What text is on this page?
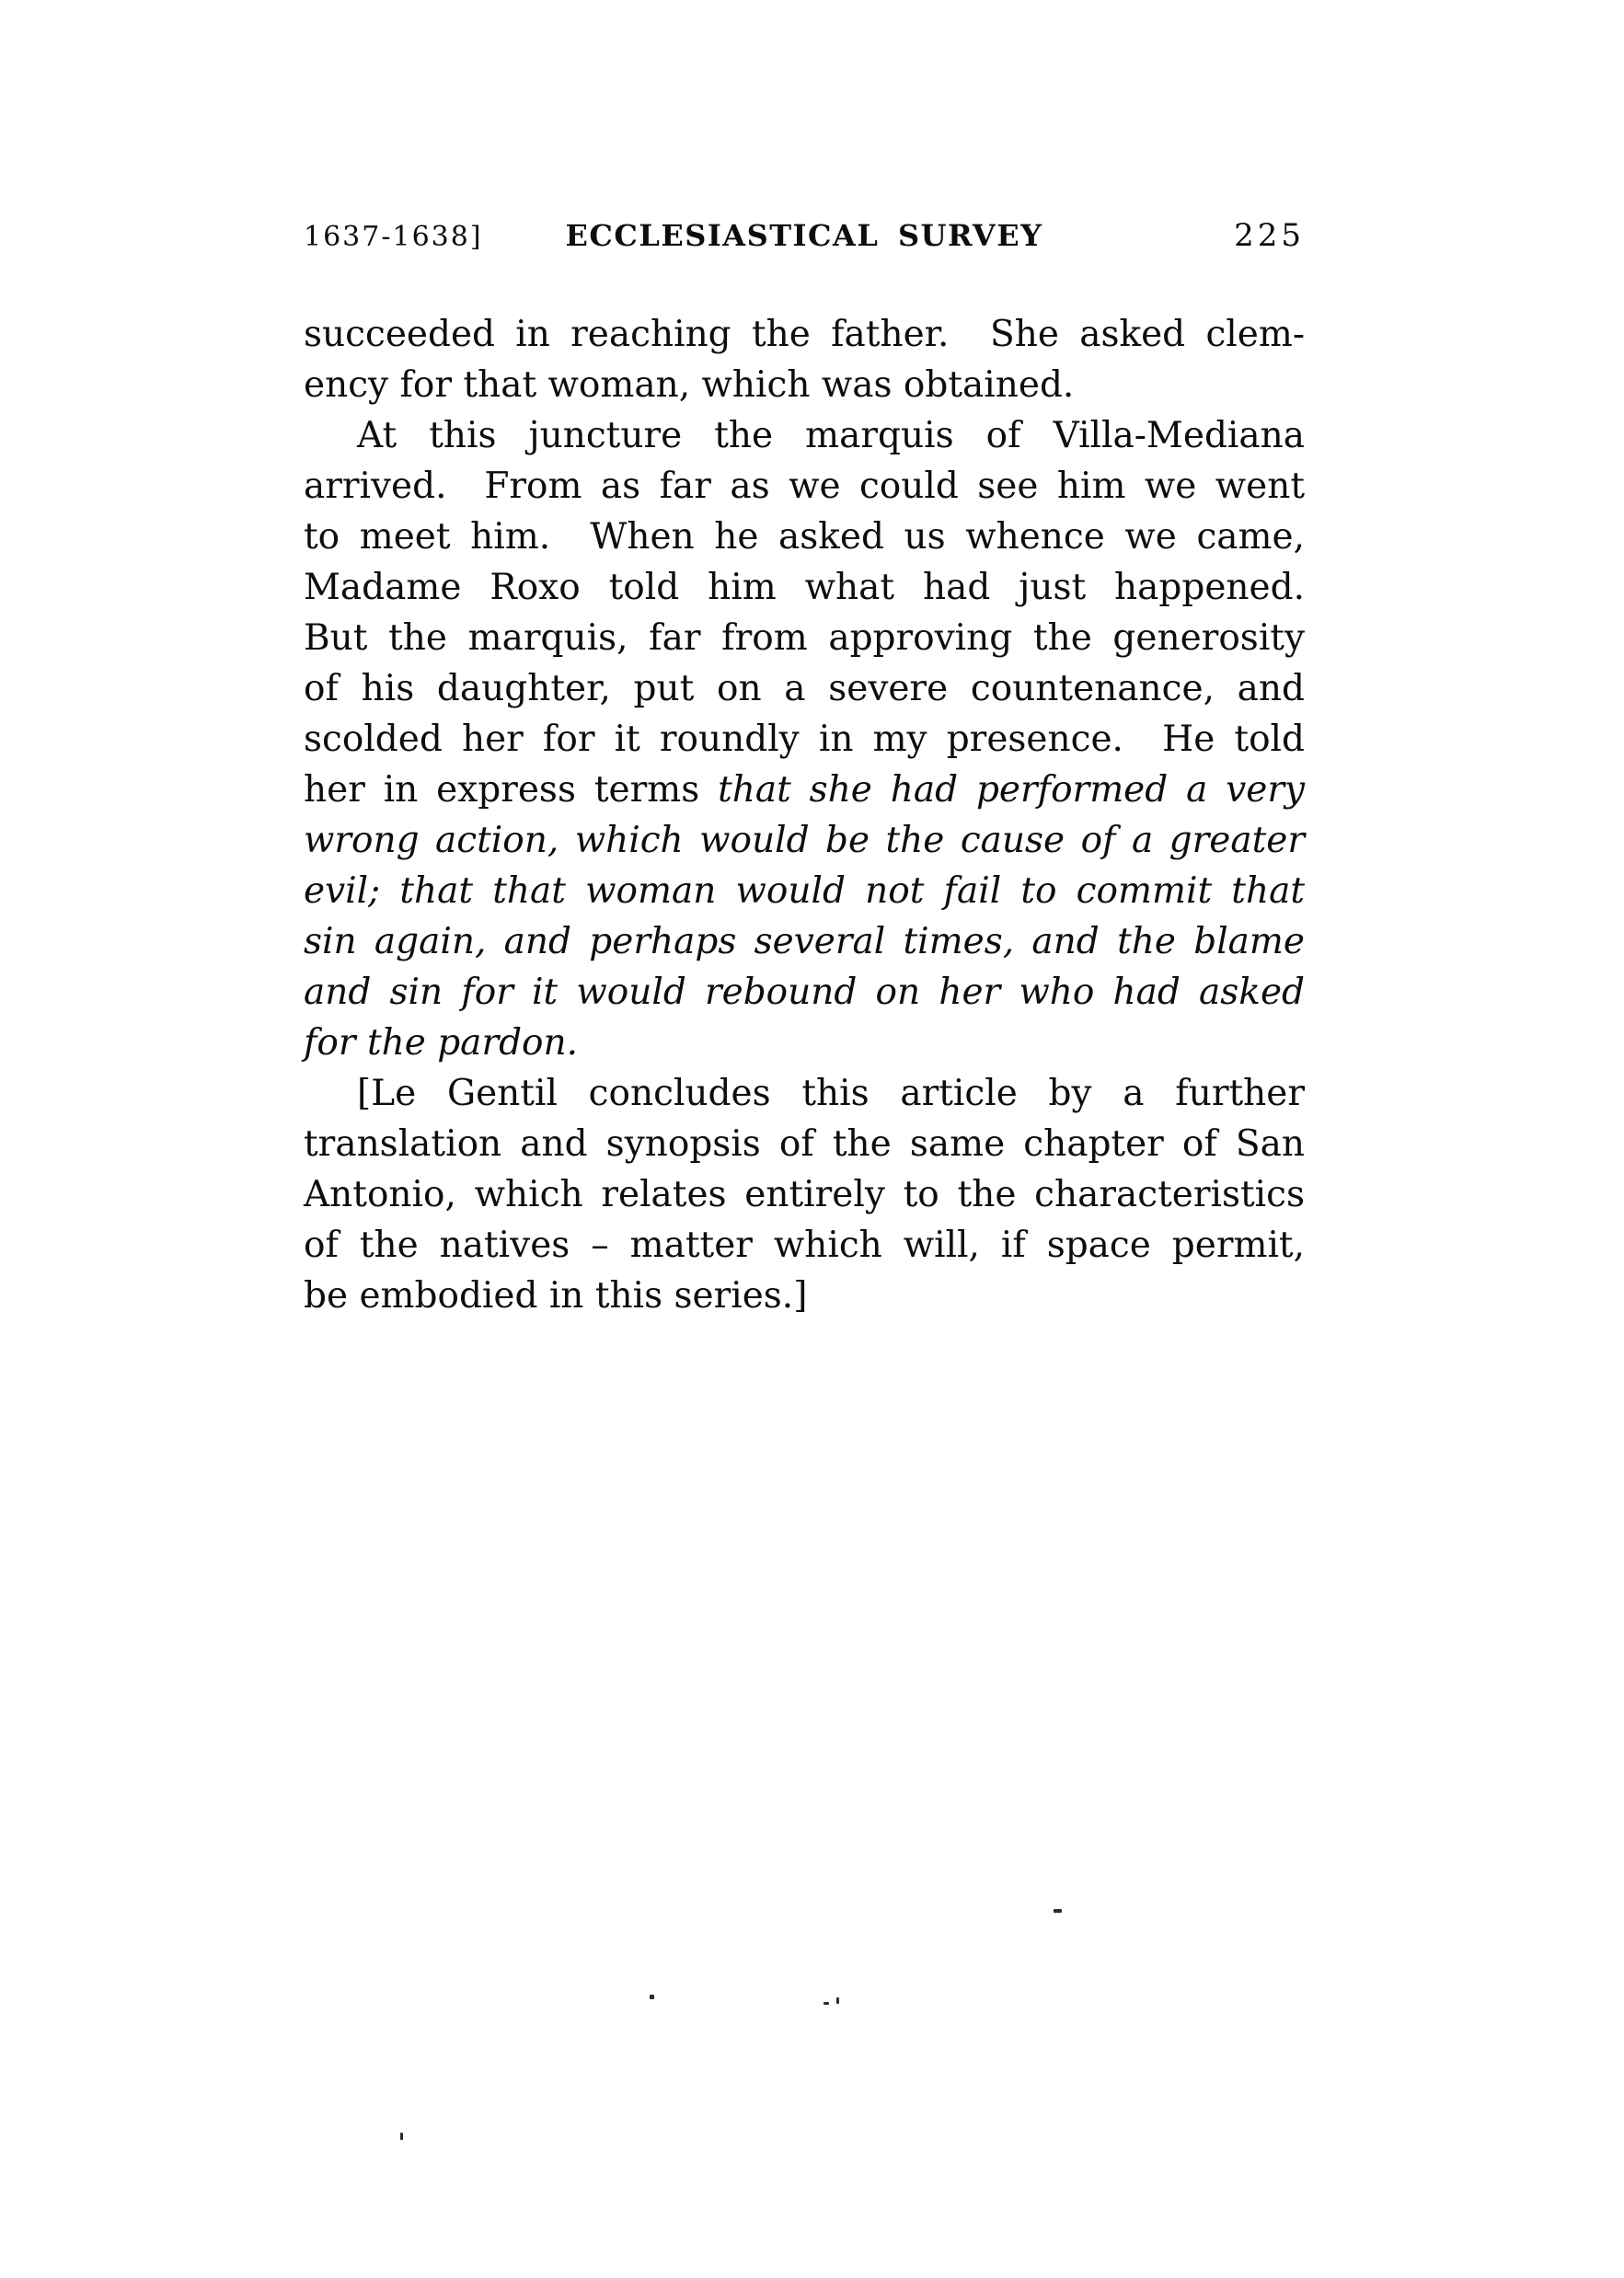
1637-1638]	ECCLESIASTICAL SURVEY	225
succeeded in reaching the father.  She asked clem-
ency for that woman, which was obtained.
At this juncture the marquis of Villa-Mediana
arrived.  From as far as we could see him we went
to meet him.  When he asked us whence we came,
Madame Roxo told him what had just happened.
But the marquis, far from approving the generosity
of his daughter, put on a severe countenance, and
scolded her for it roundly in my presence.  He told
her in express terms that she had performed a very
wrong action, which would be the cause of a greater
evil; that that woman would not fail to commit that
sin again, and perhaps several times, and the blame
and sin for it would rebound on her who had asked
for the pardon.
[Le Gentil concludes this article by a further
translation and synopsis of the same chapter of San
Antonio, which relates entirely to the characteristics
of the natives – matter which will, if space permit,
be embodied in this series.]
